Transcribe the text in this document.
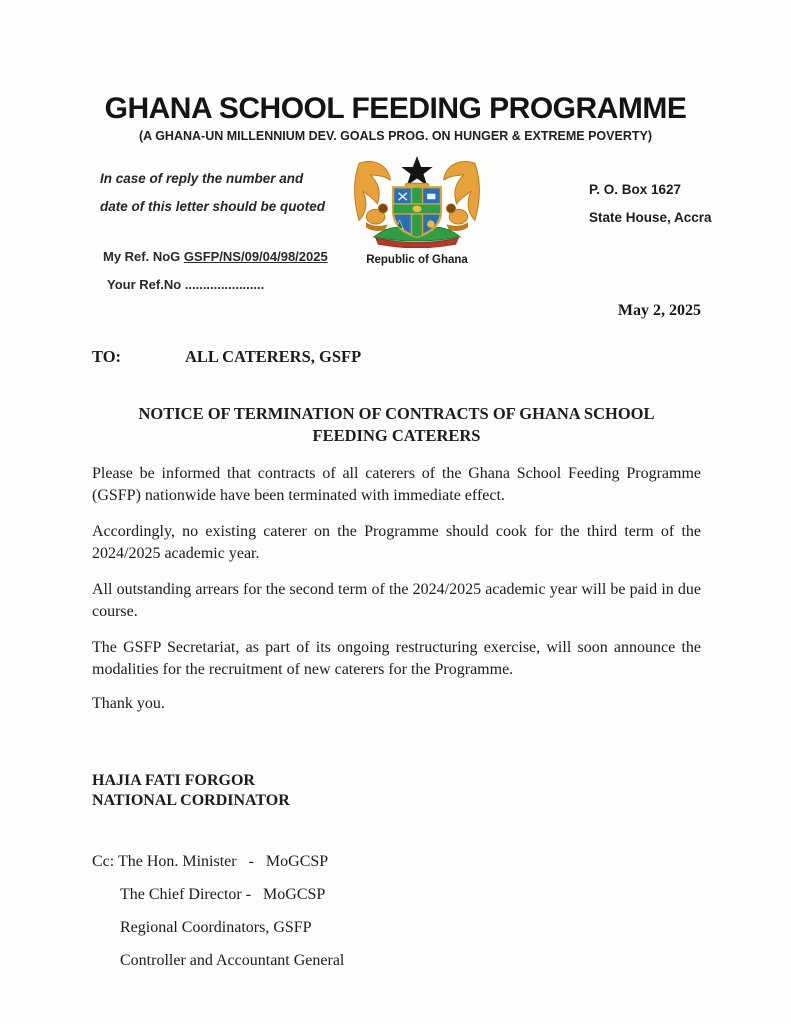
GHANA SCHOOL FEEDING PROGRAMME
(A GHANA-UN MILLENNIUM DEV. GOALS PROG. ON HUNGER & EXTREME POVERTY)
In case of reply the number and
date of this letter should be quoted
Republic of Ghana
P. O. Box 1627
State House, Accra
My Ref. NoG GSFP/NS/09/04/98/2025
Your Ref.No ......................
May 2, 2025
TO:	ALL CATERERS, GSFP
NOTICE OF TERMINATION OF CONTRACTS OF GHANA SCHOOL FEEDING CATERERS

Please be informed that contracts of all caterers of the Ghana School Feeding Programme (GSFP) nationwide have been terminated with immediate effect.

Accordingly, no existing caterer on the Programme should cook for the third term of the 2024/2025 academic year.

All outstanding arrears for the second term of the 2024/2025 academic year will be paid in due course.

The GSFP Secretariat, as part of its ongoing restructuring exercise, will soon announce the modalities for the recruitment of new caterers for the Programme.

Thank you.

HAJIA FATI FORGOR
NATIONAL CORDINATOR
Cc: The Hon. Minister   -   MoGCSP
The Chief Director -   MoGCSP
Regional Coordinators, GSFP
Controller and Accountant General
